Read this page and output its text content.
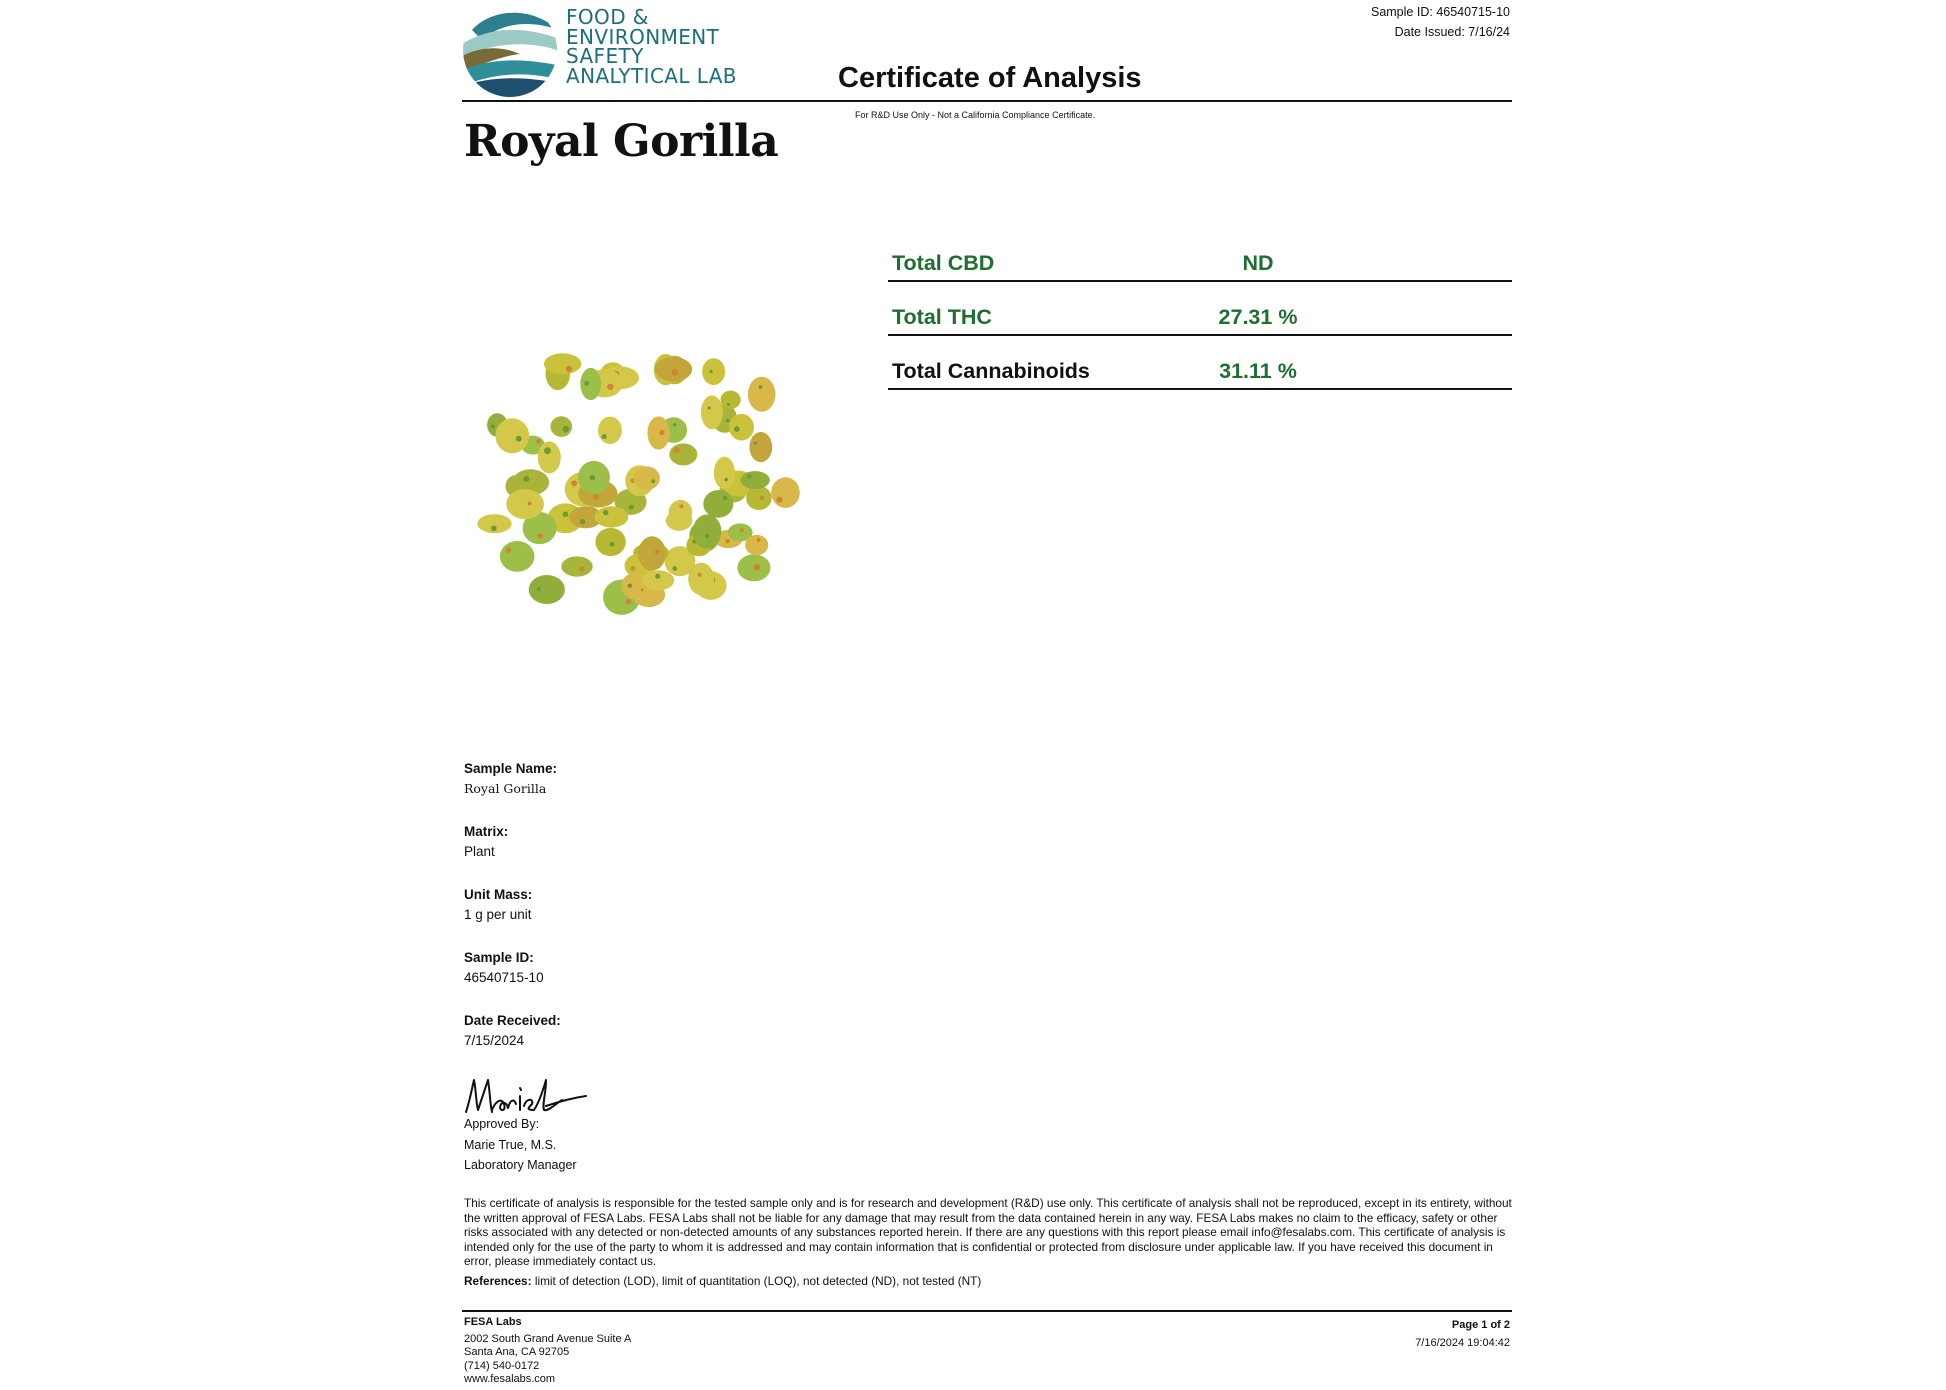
FOOD &
ENVIRONMENT
SAFETY
ANALYTICAL LAB
Sample ID: 46540715-10
Date Issued: 7/16/24
Certificate of Analysis
For R&D Use Only - Not a California Compliance Certificate.
Royal Gorilla
Total CBD	ND
Total THC	27.31 %
Total Cannabinoids	31.11 %
Sample Name:
Royal Gorilla
Matrix:
Plant
Unit Mass:
1 g per unit
Sample ID:
46540715-10
Date Received:
7/15/2024
Approved By:
Marie True, M.S.
Laboratory Manager
This certificate of analysis is responsible for the tested sample only and is for research and development (R&D) use only. This certificate of analysis shall not be reproduced, except in its entirety, without the written approval of FESA Labs. FESA Labs shall not be liable for any damage that may result from the data contained herein in any way. FESA Labs makes no claim to the efficacy, safety or other risks associated with any detected or non-detected amounts of any substances reported herein. If there are any questions with this report please email info@fesalabs.com. This certificate of analysis is intended only for the use of the party to whom it is addressed and may contain information that is confidential or protected from disclosure under applicable law. If you have received this document in error, please immediately contact us.
References: limit of detection (LOD), limit of quantitation (LOQ), not detected (ND), not tested (NT)
FESA Labs
2002 South Grand Avenue Suite A
Santa Ana, CA 92705
(714) 540-0172
www.fesalabs.com
Page 1 of 2
7/16/2024 19:04:42
